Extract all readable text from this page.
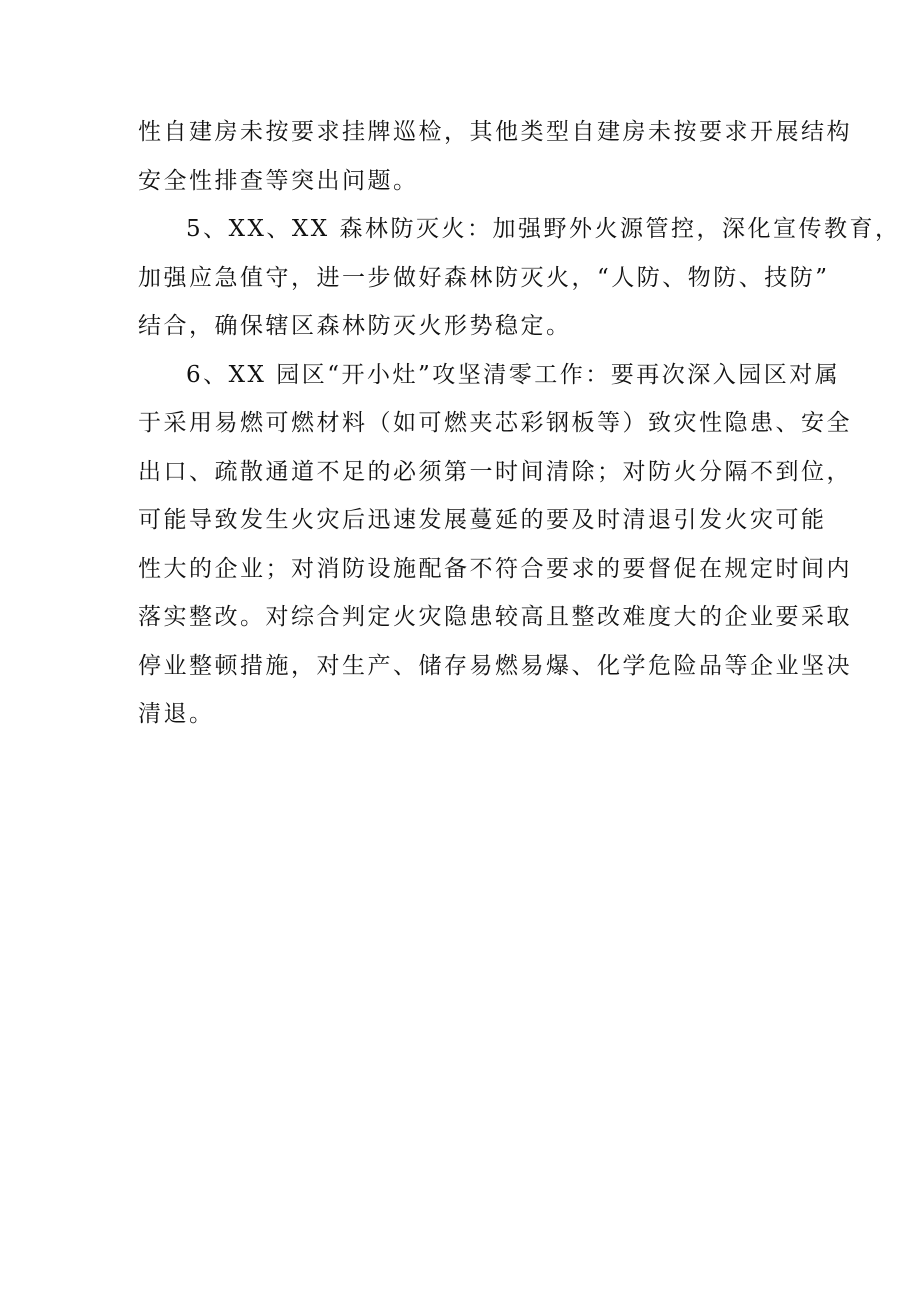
性自建房未按要求挂牌巡检，其他类型自建房未按要求开展结构
安全性排查等突出问题。
5、XX、XX 森林防灭火：加强野外火源管控，深化宣传教育，
加强应急值守，进一步做好森林防灭火，“人防、物防、技防”
结合，确保辖区森林防灭火形势稳定。
6、XX 园区“开小灶”攻坚清零工作：要再次深入园区对属
于采用易燃可燃材料（如可燃夹芯彩钢板等）致灾性隐患、安全
出口、疏散通道不足的必须第一时间清除；对防火分隔不到位，
可能导致发生火灾后迅速发展蔓延的要及时清退引发火灾可能
性大的企业；对消防设施配备不符合要求的要督促在规定时间内
落实整改。对综合判定火灾隐患较高且整改难度大的企业要采取
停业整顿措施，对生产、储存易燃易爆、化学危险品等企业坚决
清退。
